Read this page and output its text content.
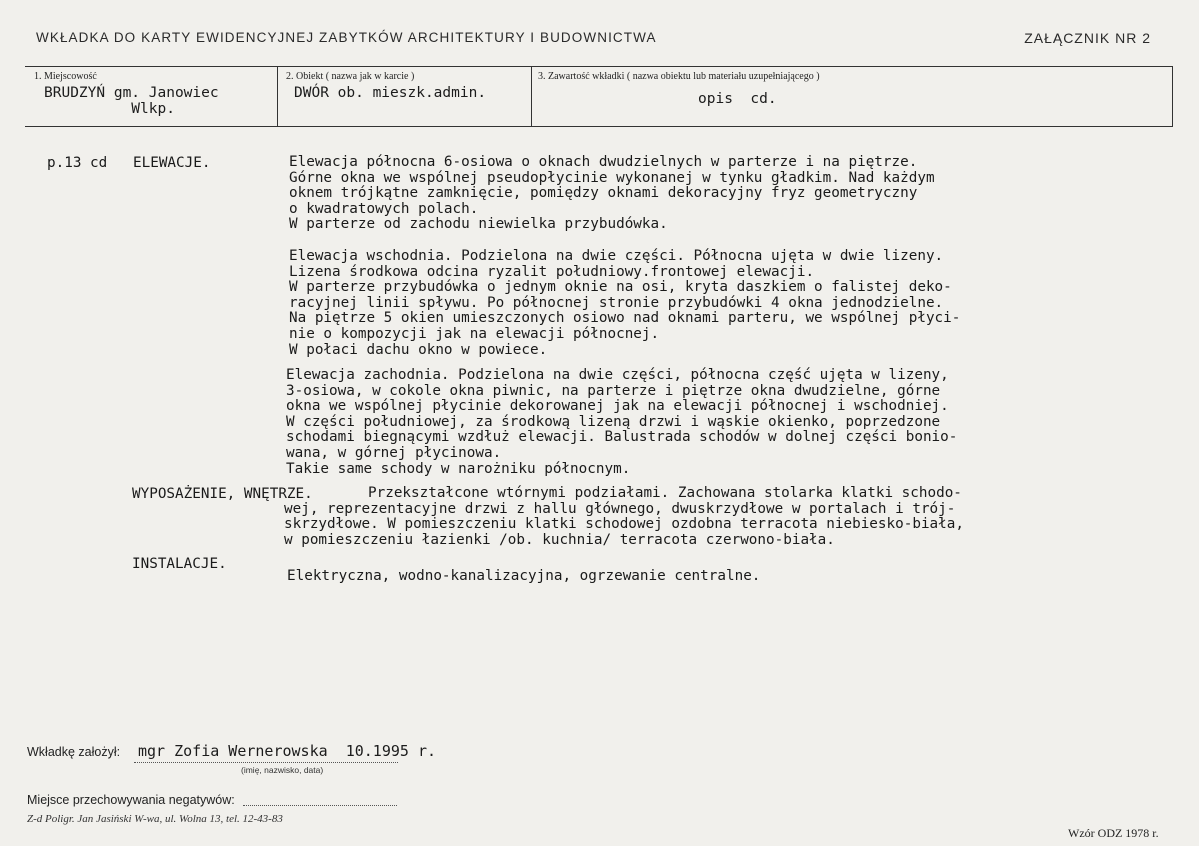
WKŁADKA DO KARTY EWIDENCYJNEJ ZABYTKÓW ARCHITEKTURY I BUDOWNICTWA	ZAŁĄCZNIK NR 2
1. Miejscowość
BRUDZYŃ gm. Janowiec
Wlkp.
2. Obiekt ( nazwa jak w karcie )
DWÓR ob. mieszk.admin.
3. Zawartość wkładki ( nazwa obiektu lub materiału uzupełniającego )
opis  cd.
p.13 cd ELEWACJE.	Elewacja północna 6-osiowa o oknach dwudzielnych w parterze i na piętrze.
Górne okna we wspólnej pseudopłycinie wykonanej w tynku gładkim. Nad każdym
oknem trójkątne zamknięcie, pomiędzy oknami dekoracyjny fryz geometryczny
o kwadratowych polach.
W parterze od zachodu niewielka przybudówka.
Elewacja wschodnia. Podzielona na dwie części. Północna ujęta w dwie lizeny.
Lizena środkowa odcina ryzalit południowy.frontowej elewacji.
W parterze przybudówka o jednym oknie na osi, kryta daszkiem o falistej deko-
racyjnej linii spływu. Po północnej stronie przybudówki 4 okna jednodzielne.
Na piętrze 5 okien umieszczonych osiowo nad oknami parteru, we wspólnej płyci-
nie o kompozycji jak na elewacji północnej.
W połaci dachu okno w powiece.
Elewacja zachodnia. Podzielona na dwie części, północna część ujęta w lizeny,
3-osiowa, w cokole okna piwnic, na parterze i piętrze okna dwudzielne, górne
okna we wspólnej płycinie dekorowanej jak na elewacji północnej i wschodniej.
W części południowej, za środkową lizeną drzwi i wąskie okienko, poprzedzone
schodami biegnącymi wzdłuż elewacji. Balustrada schodów w dolnej części bonio-
wana, w górnej płycinowa.
Takie same schody w narożniku północnym.
WYPOSAŻENIE, WNĘTRZE.	Przekształcone wtórnymi podziałami. Zachowana stolarka klatki schodo-
wej, reprezentacyjne drzwi z hallu głównego, dwuskrzydłowe w portalach i trój-
skrzydłowe. W pomieszczeniu klatki schodowej ozdobna terracota niebiesko-biała,
w pomieszczeniu łazienki /ob. kuchnia/ terracota czerwono-biała.
INSTALACJE.
Elektryczna, wodno-kanalizacyjna, ogrzewanie centralne.
Wkładkę założył: mgr Zofia Wernerowska  10.1995 r.
(imię, nazwisko, data)
Miejsce przechowywania negatywów:
Z-d Poligr. Jan Jasiński W-wa, ul. Wolna 13, tel. 12-43-83
Wzór ODZ 1978 r.
